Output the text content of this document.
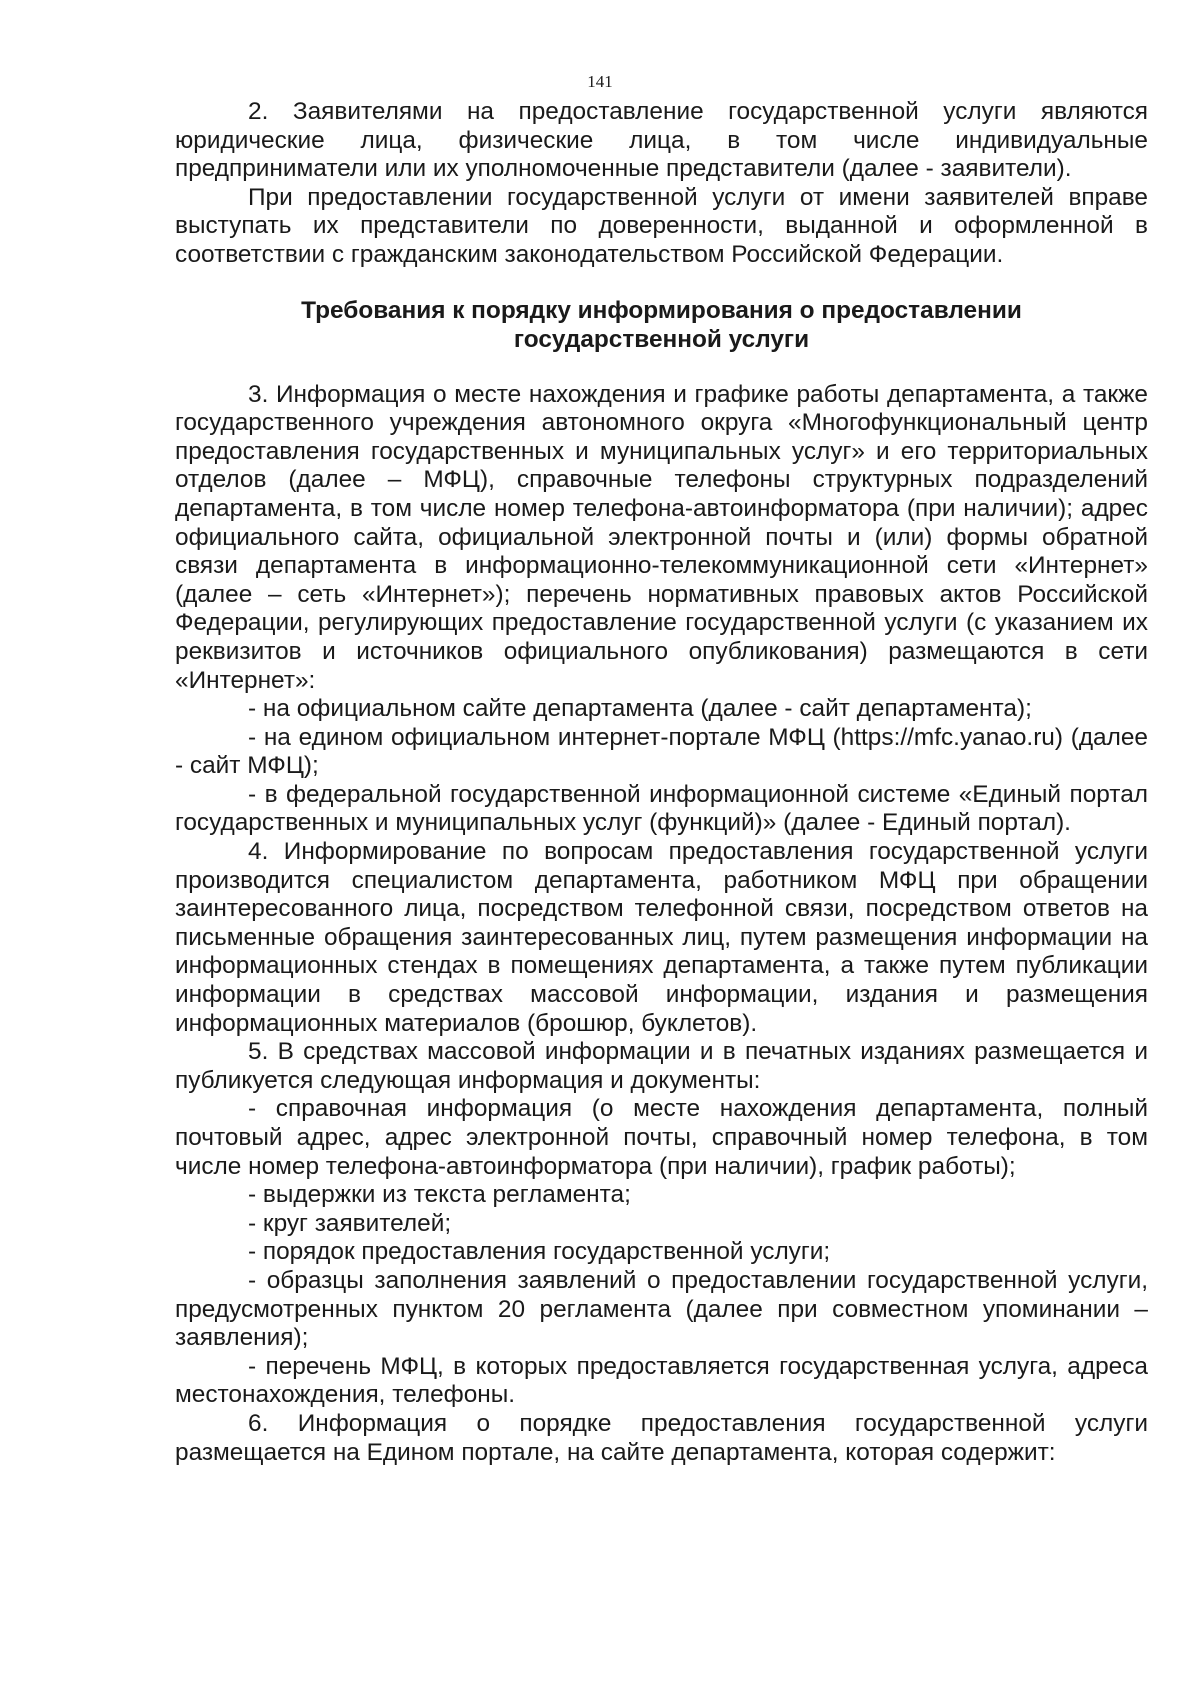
141

2. Заявителями на предоставление государственной услуги являются юридические лица, физические лица, в том числе индивидуальные предприниматели или их уполномоченные представители (далее - заявители).

При предоставлении государственной услуги от имени заявителей вправе выступать их представители по доверенности, выданной и оформленной в соответствии с гражданским законодательством Российской Федерации.

Требования к порядку информирования о предоставлении государственной услуги

3. Информация о месте нахождения и графике работы департамента, а также государственного учреждения автономного округа «Многофункциональный центр предоставления государственных и муниципальных услуг» и его территориальных отделов (далее – МФЦ), справочные телефоны структурных подразделений департамента, в том числе номер телефона-автоинформатора (при наличии); адрес официального сайта, официальной электронной почты и (или) формы обратной связи департамента в информационно-телекоммуникационной сети «Интернет» (далее – сеть «Интернет»); перечень нормативных правовых актов Российской Федерации, регулирующих предоставление государственной услуги (с указанием их реквизитов и источников официального опубликования) размещаются в сети «Интернет»:

- на официальном сайте департамента (далее - сайт департамента);

- на едином официальном интернет-портале МФЦ (https://mfc.yanao.ru) (далее - сайт МФЦ);

- в федеральной государственной информационной системе «Единый портал государственных и муниципальных услуг (функций)» (далее - Единый портал).

4. Информирование по вопросам предоставления государственной услуги производится специалистом департамента, работником МФЦ при обращении заинтересованного лица, посредством телефонной связи, посредством ответов на письменные обращения заинтересованных лиц, путем размещения информации на информационных стендах в помещениях департамента, а также путем публикации информации в средствах массовой информации, издания и размещения информационных материалов (брошюр, буклетов).

5. В средствах массовой информации и в печатных изданиях размещается и публикуется следующая информация и документы:

- справочная информация (о месте нахождения департамента, полный почтовый адрес, адрес электронной почты, справочный номер телефона, в том числе номер телефона-автоинформатора (при наличии), график работы);

- выдержки из текста регламента;

- круг заявителей;

- порядок предоставления государственной услуги;

- образцы заполнения заявлений о предоставлении государственной услуги, предусмотренных пунктом 20 регламента (далее при совместном упоминании – заявления);

- перечень МФЦ, в которых предоставляется государственная услуга, адреса местонахождения, телефоны.

6. Информация о порядке предоставления государственной услуги размещается на Едином портале, на сайте департамента, которая содержит:
